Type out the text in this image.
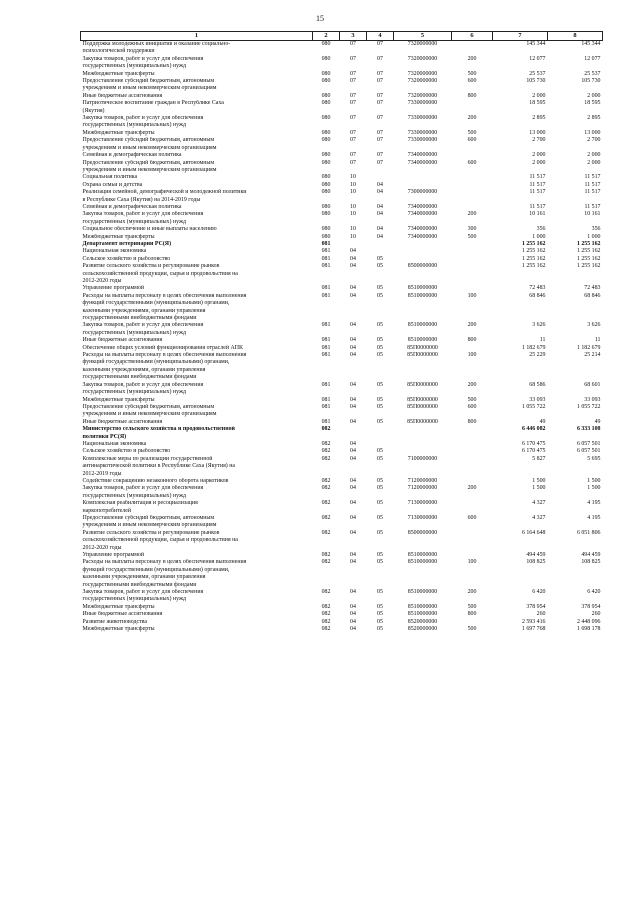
15
1	2	3	4	5	6	7	8
Поддержка молодежных инициатив и оказание социально-
психологической поддержки	080	07	07	7320000000		145 344	145 344
Закупка товаров, работ и услуг для обеспечения
государственных (муниципальных) нужд	080	07	07	7320000000	200	12 077	12 077
Межбюджетные трансферты	080	07	07	7320000000	500	25 537	25 537
Предоставление субсидий бюджетным, автономным
учреждениям и иным некоммерческим организациям	080	07	07	7320000000	600	105 730	105 730
Иные бюджетные ассигнования	080	07	07	7320000000	800	2 000	2 000
Патриотическое воспитание граждан в Республике Саха
(Якутия)	080	07	07	7330000000		18 595	18 595
Закупка товаров, работ и услуг для обеспечения
государственных (муниципальных) нужд	080	07	07	7330000000	200	2 895	2 895
Межбюджетные трансферты	080	07	07	7330000000	500	13 000	13 000
Предоставление субсидий бюджетным, автономным
учреждениям и иным некоммерческим организациям	080	07	07	7330000000	600	2 700	2 700
Семейная и демографическая политика	080	07	07	7340000000		2 000	2 000
Предоставление субсидий бюджетным, автономным
учреждениям и иным некоммерческим организациям	080	07	07	7340000000	600	2 000	2 000
Социальная политика	080	10				11 517	11 517
Охрана семьи и детства	080	10	04			11 517	11 517
Реализация семейной, демографической и молодежной политики
в Республике Саха (Якутия) на 2014-2019 годы	080	10	04	7300000000		11 517	11 517
Семейная и демографическая политика	080	10	04	7340000000		11 517	11 517
Закупка товаров, работ и услуг для обеспечения
государственных (муниципальных) нужд	080	10	04	7340000000	200	10 161	10 161
Социальное обеспечение и иные выплаты населению	080	10	04	7340000000	300	356	356
Межбюджетные трансферты	080	10	04	7340000000	500	1 000	1 000
Департамент ветеринарии РС(Я)	081					1 255 162	1 255 162
Национальная экономика	081	04				1 255 162	1 255 162
Сельское хозяйство и рыболовство	081	04	05			1 255 162	1 255 162
Развитие сельского хозяйства и регулирование рынков
сельскохозяйственной продукции, сырья и продовольствия на
2012-2020 годы	081	04	05	8500000000		1 255 162	1 255 162
Управление программой	081	04	05	8510000000		72 483	72 483
Расходы на выплаты персоналу в целях обеспечения выполнения
функций государственными (муниципальными) органами,
казенными учреждениями, органами управления
государственными внебюджетными фондами	081	04	05	8510000000	100	68 846	68 846
Закупка товаров, работ и услуг для обеспечения
государственных (муниципальных) нужд	081	04	05	8510000000	200	3 626	3 626
Иные бюджетные ассигнования	081	04	05	8510000000	800	11	11
Обеспечение общих условий функционирования отраслей АПК	081	04	05	85П0000000		1 182 679	1 182 679
Расходы на выплаты персоналу в целях обеспечения выполнения
функций государственными (муниципальными) органами,
казенными учреждениями, органами управления
государственными внебюджетными фондами	081	04	05	85П0000000	100	25 229	25 214
Закупка товаров, работ и услуг для обеспечения
государственных (муниципальных) нужд	081	04	05	85П0000000	200	68 586	68 601
Межбюджетные трансферты	081	04	05	85П0000000	500	33 093	33 093
Предоставление субсидий бюджетным, автономным
учреждениям и иным некоммерческим организациям	081	04	05	85П0000000	600	1 055 722	1 055 722
Иные бюджетные ассигнования	081	04	05	85П0000000	800	49	49
Министерство сельского хозяйства и продовольственной
политики РС(Я)	082					6 446 082	6 333 108
Национальная экономика	082	04				6 170 475	6 057 501
Сельское хозяйство и рыболовство	082	04	05			6 170 475	6 057 501
Комплексные меры по реализации государственной
антинаркотической политики в Республике Саха (Якутия) на
2012-2019 годы	082	04	05	7100000000		5 827	5 695
Содействие сокращению незаконного оборота наркотиков	082	04	05	7120000000		1 500	1 500
Закупка товаров, работ и услуг для обеспечения
государственных (муниципальных) нужд	082	04	05	7120000000	200	1 500	1 500
Комплексная реабилитация и ресоциализация
наркопотребителей	082	04	05	7130000000		4 327	4 195
Предоставление субсидий бюджетным, автономным
учреждениям и иным некоммерческим организациям	082	04	05	7130000000	600	4 327	4 195
Развитие сельского хозяйства и регулирование рынков
сельскохозяйственной продукции, сырья и продовольствия на
2012-2020 годы	082	04	05	8500000000		6 164 648	6 051 806
Управление программой	082	04	05	8510000000		494 459	494 459
Расходы на выплаты персоналу в целях обеспечения выполнения
функций государственными (муниципальными) органами,
казенными учреждениями, органами управления
государственными внебюджетными фондами	082	04	05	8510000000	100	108 825	108 825
Закупка товаров, работ и услуг для обеспечения
государственных (муниципальных) нужд	082	04	05	8510000000	200	6 420	6 420
Межбюджетные трансферты	082	04	05	8510000000	500	378 954	378 954
Иные бюджетные ассигнования	082	04	05	8510000000	800	260	260
Развитие животноводства	082	04	05	8520000000		2 593 416	2 448 096
Межбюджетные трансферты	082	04	05	8520000000	500	1 697 768	1 698 178
